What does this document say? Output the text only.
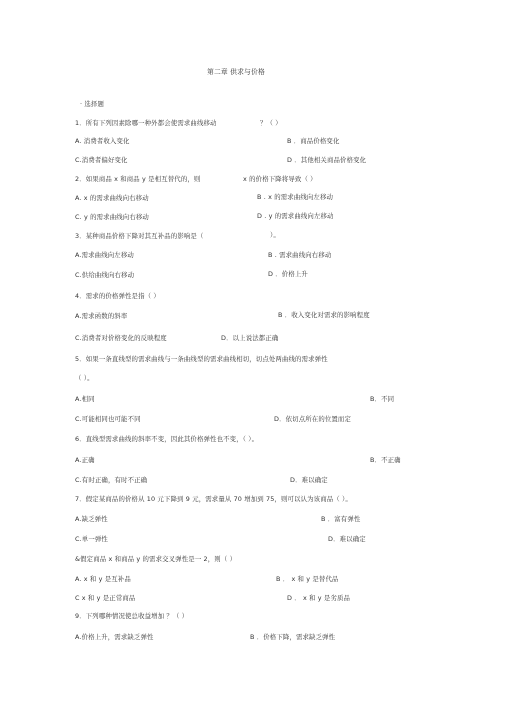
第二章 供求与价格
· 选择题
1．所有下列因素除哪一种外都会使需求曲线移动	？（ ）
A. 消费者收入变化	B ．商品价格变化
C.消费者偏好变化	D ．其他相关商品价格变化
2．如果商品 x 和商品 y 是相互替代的，则	x 的价格下降将导致（ ）
A. x 的需求曲线向右移动	B . x 的需求曲线向左移动
C. y 的需求曲线向右移动	D . y 的需求曲线向左移动
3．某种商品价格下降对其互补品的影响是（	）。
A.需求曲线向左移动	B . 需求曲线向右移动
C.供给曲线向右移动	D ．价格上升
4．需求的价格弹性是指（ ）
A.需求函数的斜率	B ．收入变化对需求的影响程度
C.消费者对价格变化的反映程度	D．以上说法都正确
5．如果一条直线型的需求曲线与一条曲线型的需求曲线相切，切点处两曲线的需求弹性
（ ）。
A.相同	B．不同
C.可能相同也可能不同	D．依切点所在的位置而定
6．直线型需求曲线的斜率不变，因此其价格弹性也不变，（ ）。
A.正确	B．不正确
C.有时正确，有时不正确	D．难以确定
7．假定某商品的价格从 10 元下降到 9 元，需求量从 70 增加到 75，则可以认为该商品（ ）。
A.缺乏弹性	B ．富有弹性
C.单一弹性	D．难以确定
&假定商品 x 和商品 y 的需求交叉弹性是一 2，则（ ）
A. x 和 y 是互补品	B ． x 和 y 是替代品
C x 和 y 是正常商品	D ． x 和 y 是劣质品
9．下列哪种情况使总收益增加 ？（ ）
A.价格上升，需求缺乏弹性	B ．价格下降，需求缺乏弹性
